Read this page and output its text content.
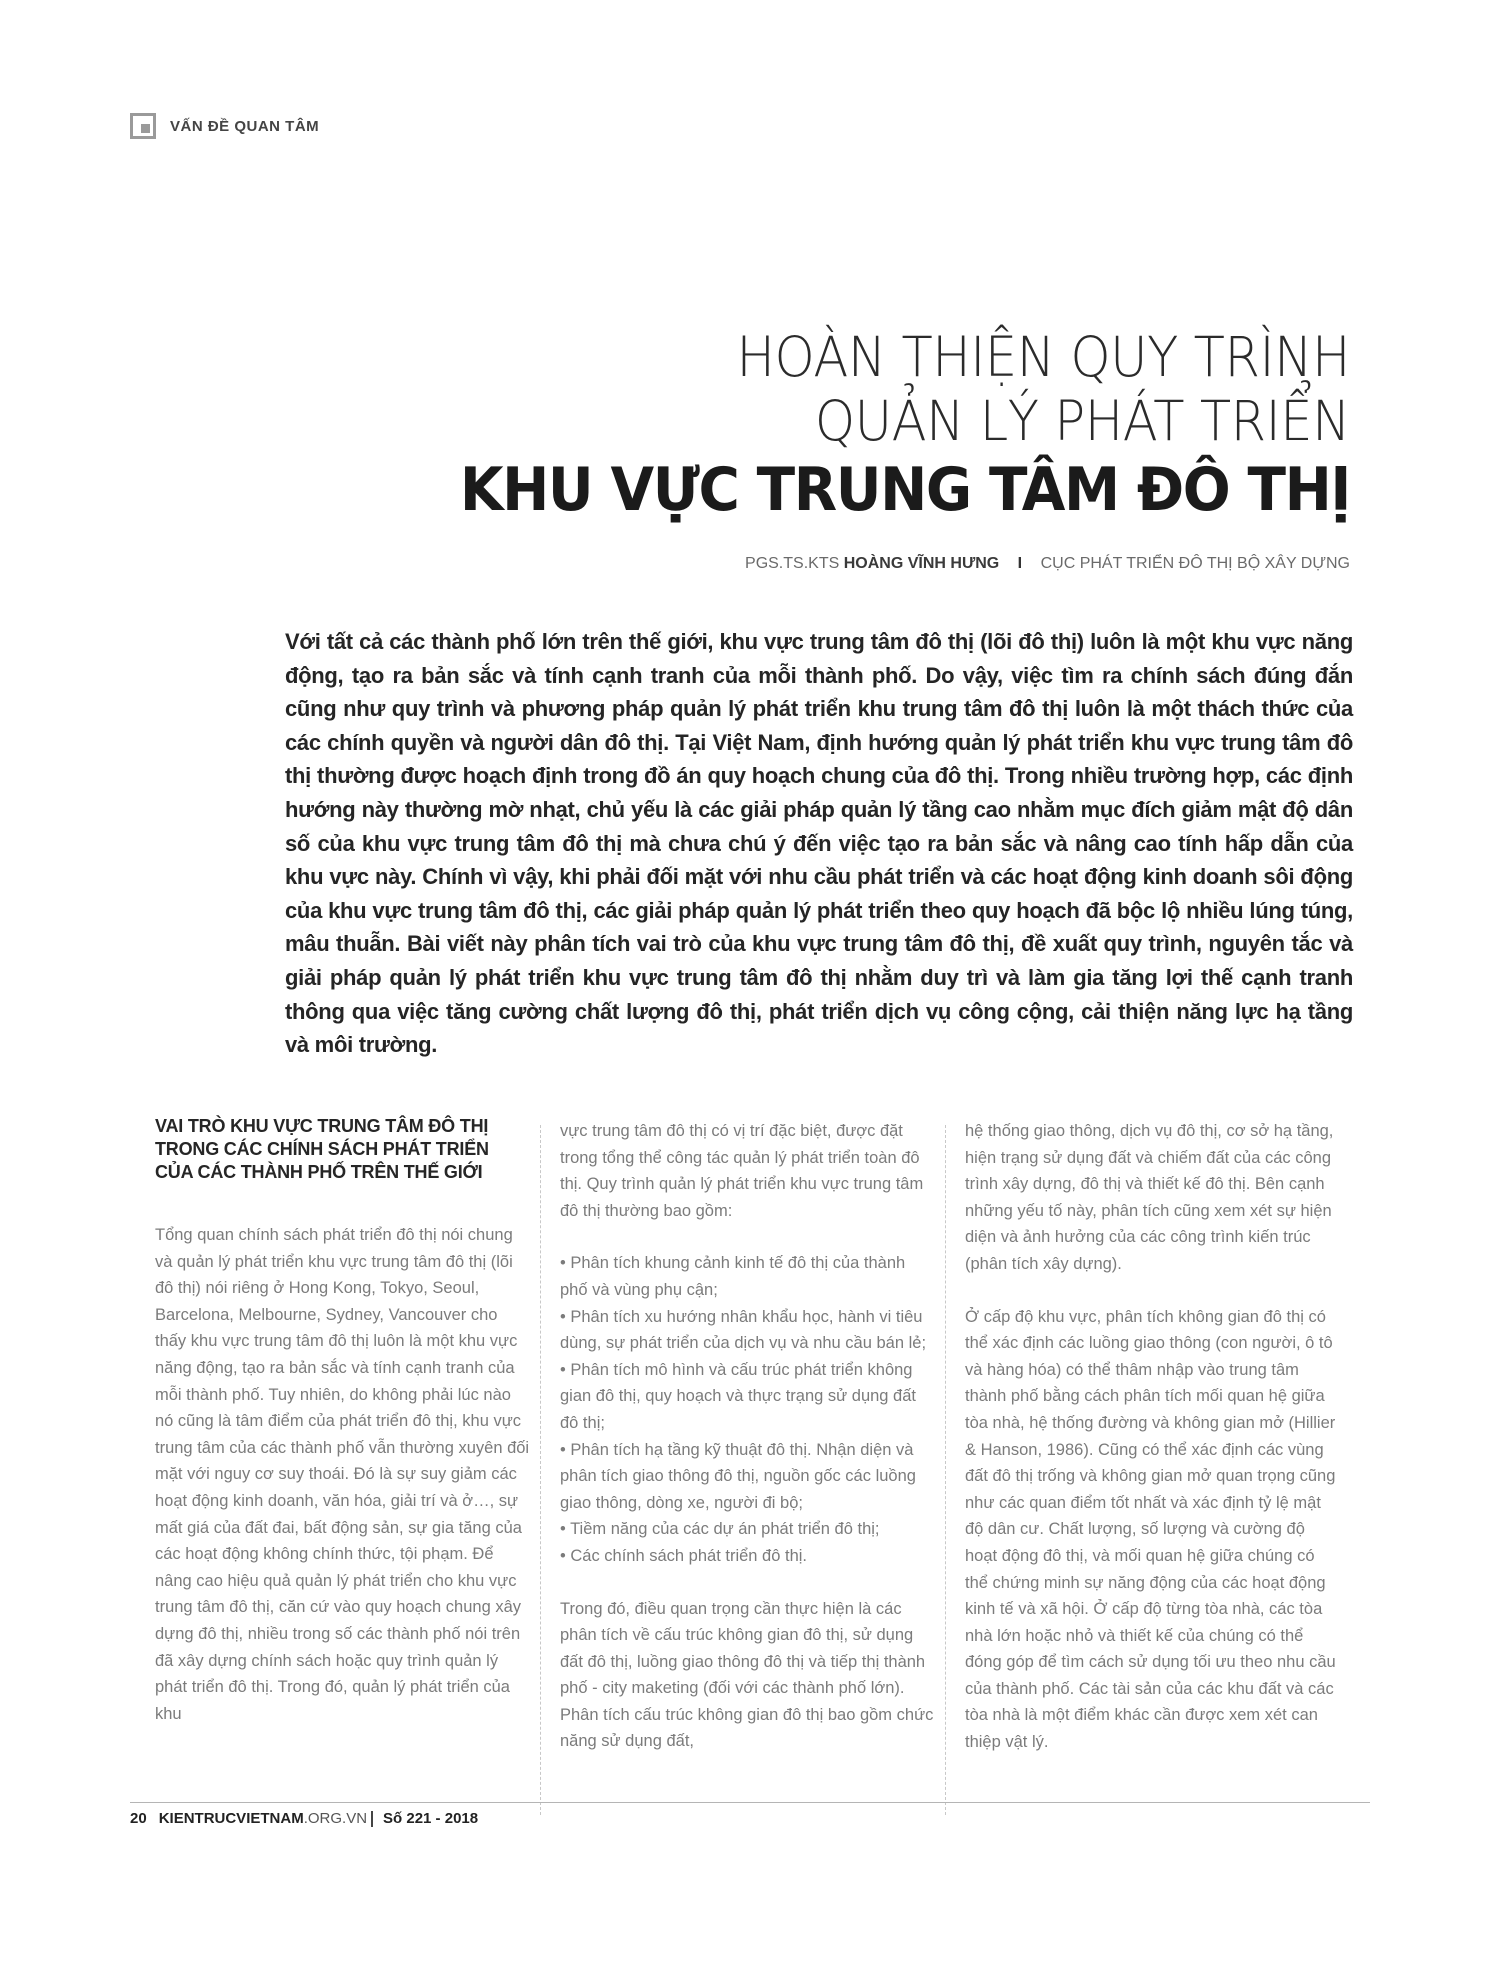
VẤN ĐỀ QUAN TÂM
HOÀN THIỆN QUY TRÌNH
QUẢN LÝ PHÁT TRIỂN
KHU VỰC TRUNG TÂM ĐÔ THỊ
PGS.TS.KTS HOÀNG VĨNH HƯNG I CỤC PHÁT TRIỂN ĐÔ THỊ BỘ XÂY DỰNG
Với tất cả các thành phố lớn trên thế giới, khu vực trung tâm đô thị (lõi đô thị) luôn là một khu vực năng động, tạo ra bản sắc và tính cạnh tranh của mỗi thành phố. Do vậy, việc tìm ra chính sách đúng đắn cũng như quy trình và phương pháp quản lý phát triển khu trung tâm đô thị luôn là một thách thức của các chính quyền và người dân đô thị. Tại Việt Nam, định hướng quản lý phát triển khu vực trung tâm đô thị thường được hoạch định trong đồ án quy hoạch chung của đô thị. Trong nhiều trường hợp, các định hướng này thường mờ nhạt, chủ yếu là các giải pháp quản lý tầng cao nhằm mục đích giảm mật độ dân số của khu vực trung tâm đô thị mà chưa chú ý đến việc tạo ra bản sắc và nâng cao tính hấp dẫn của khu vực này. Chính vì vậy, khi phải đối mặt với nhu cầu phát triển và các hoạt động kinh doanh sôi động của khu vực trung tâm đô thị, các giải pháp quản lý phát triển theo quy hoạch đã bộc lộ nhiều lúng túng, mâu thuẫn. Bài viết này phân tích vai trò của khu vực trung tâm đô thị, đề xuất quy trình, nguyên tắc và giải pháp quản lý phát triển khu vực trung tâm đô thị nhằm duy trì và làm gia tăng lợi thế cạnh tranh thông qua việc tăng cường chất lượng đô thị, phát triển dịch vụ công cộng, cải thiện năng lực hạ tầng và môi trường.
VAI TRÒ KHU VỰC TRUNG TÂM ĐÔ THỊ TRONG CÁC CHÍNH SÁCH PHÁT TRIỂN CỦA CÁC THÀNH PHỐ TRÊN THẾ GIỚI

Tổng quan chính sách phát triển đô thị nói chung và quản lý phát triển khu vực trung tâm đô thị (lõi đô thị) nói riêng ở Hong Kong, Tokyo, Seoul, Barcelona, Melbourne, Sydney, Vancouver cho thấy khu vực trung tâm đô thị luôn là một khu vực năng động, tạo ra bản sắc và tính cạnh tranh của mỗi thành phố. Tuy nhiên, do không phải lúc nào nó cũng là tâm điểm của phát triển đô thị, khu vực trung tâm của các thành phố vẫn thường xuyên đối mặt với nguy cơ suy thoái. Đó là sự suy giảm các hoạt động kinh doanh, văn hóa, giải trí và ở…, sự mất giá của đất đai, bất động sản, sự gia tăng của các hoạt động không chính thức, tội phạm. Để nâng cao hiệu quả quản lý phát triển cho khu vực trung tâm đô thị, căn cứ vào quy hoạch chung xây dựng đô thị, nhiều trong số các thành phố nói trên đã xây dựng chính sách hoặc quy trình quản lý phát triển đô thị. Trong đó, quản lý phát triển của khu

vực trung tâm đô thị có vị trí đặc biệt, được đặt trong tổng thể công tác quản lý phát triển toàn đô thị. Quy trình quản lý phát triển khu vực trung tâm đô thị thường bao gồm:

• Phân tích khung cảnh kinh tế đô thị của thành phố và vùng phụ cận;
• Phân tích xu hướng nhân khẩu học, hành vi tiêu dùng, sự phát triển của dịch vụ và nhu cầu bán lẻ;
• Phân tích mô hình và cấu trúc phát triển không gian đô thị, quy hoạch và thực trạng sử dụng đất đô thị;
• Phân tích hạ tầng kỹ thuật đô thị. Nhận diện và phân tích giao thông đô thị, nguồn gốc các luồng giao thông, dòng xe, người đi bộ;
• Tiềm năng của các dự án phát triển đô thị;
• Các chính sách phát triển đô thị.

Trong đó, điều quan trọng cần thực hiện là các phân tích về cấu trúc không gian đô thị, sử dụng đất đô thị, luồng giao thông đô thị và tiếp thị thành phố - city maketing (đối với các thành phố lớn). Phân tích cấu trúc không gian đô thị bao gồm chức năng sử dụng đất,

hệ thống giao thông, dịch vụ đô thị, cơ sở hạ tầng, hiện trạng sử dụng đất và chiếm đất của các công trình xây dựng, đô thị và thiết kế đô thị. Bên cạnh những yếu tố này, phân tích cũng xem xét sự hiện diện và ảnh hưởng của các công trình kiến trúc (phân tích xây dựng).

Ở cấp độ khu vực, phân tích không gian đô thị có thể xác định các luồng giao thông (con người, ô tô và hàng hóa) có thể thâm nhập vào trung tâm thành phố bằng cách phân tích mối quan hệ giữa tòa nhà, hệ thống đường và không gian mở (Hillier & Hanson, 1986). Cũng có thể xác định các vùng đất đô thị trống và không gian mở quan trọng cũng như các quan điểm tốt nhất và xác định tỷ lệ mật độ dân cư. Chất lượng, số lượng và cường độ hoạt động đô thị, và mối quan hệ giữa chúng có thể chứng minh sự năng động của các hoạt động kinh tế và xã hội. Ở cấp độ từng tòa nhà, các tòa nhà lớn hoặc nhỏ và thiết kế của chúng có thể đóng góp để tìm cách sử dụng tối ưu theo nhu cầu của thành phố. Các tài sản của các khu đất và các tòa nhà là một điểm khác cần được xem xét can thiệp vật lý.

20 KIENTRUCVIETNAM.ORG.VN Số 221 - 2018
